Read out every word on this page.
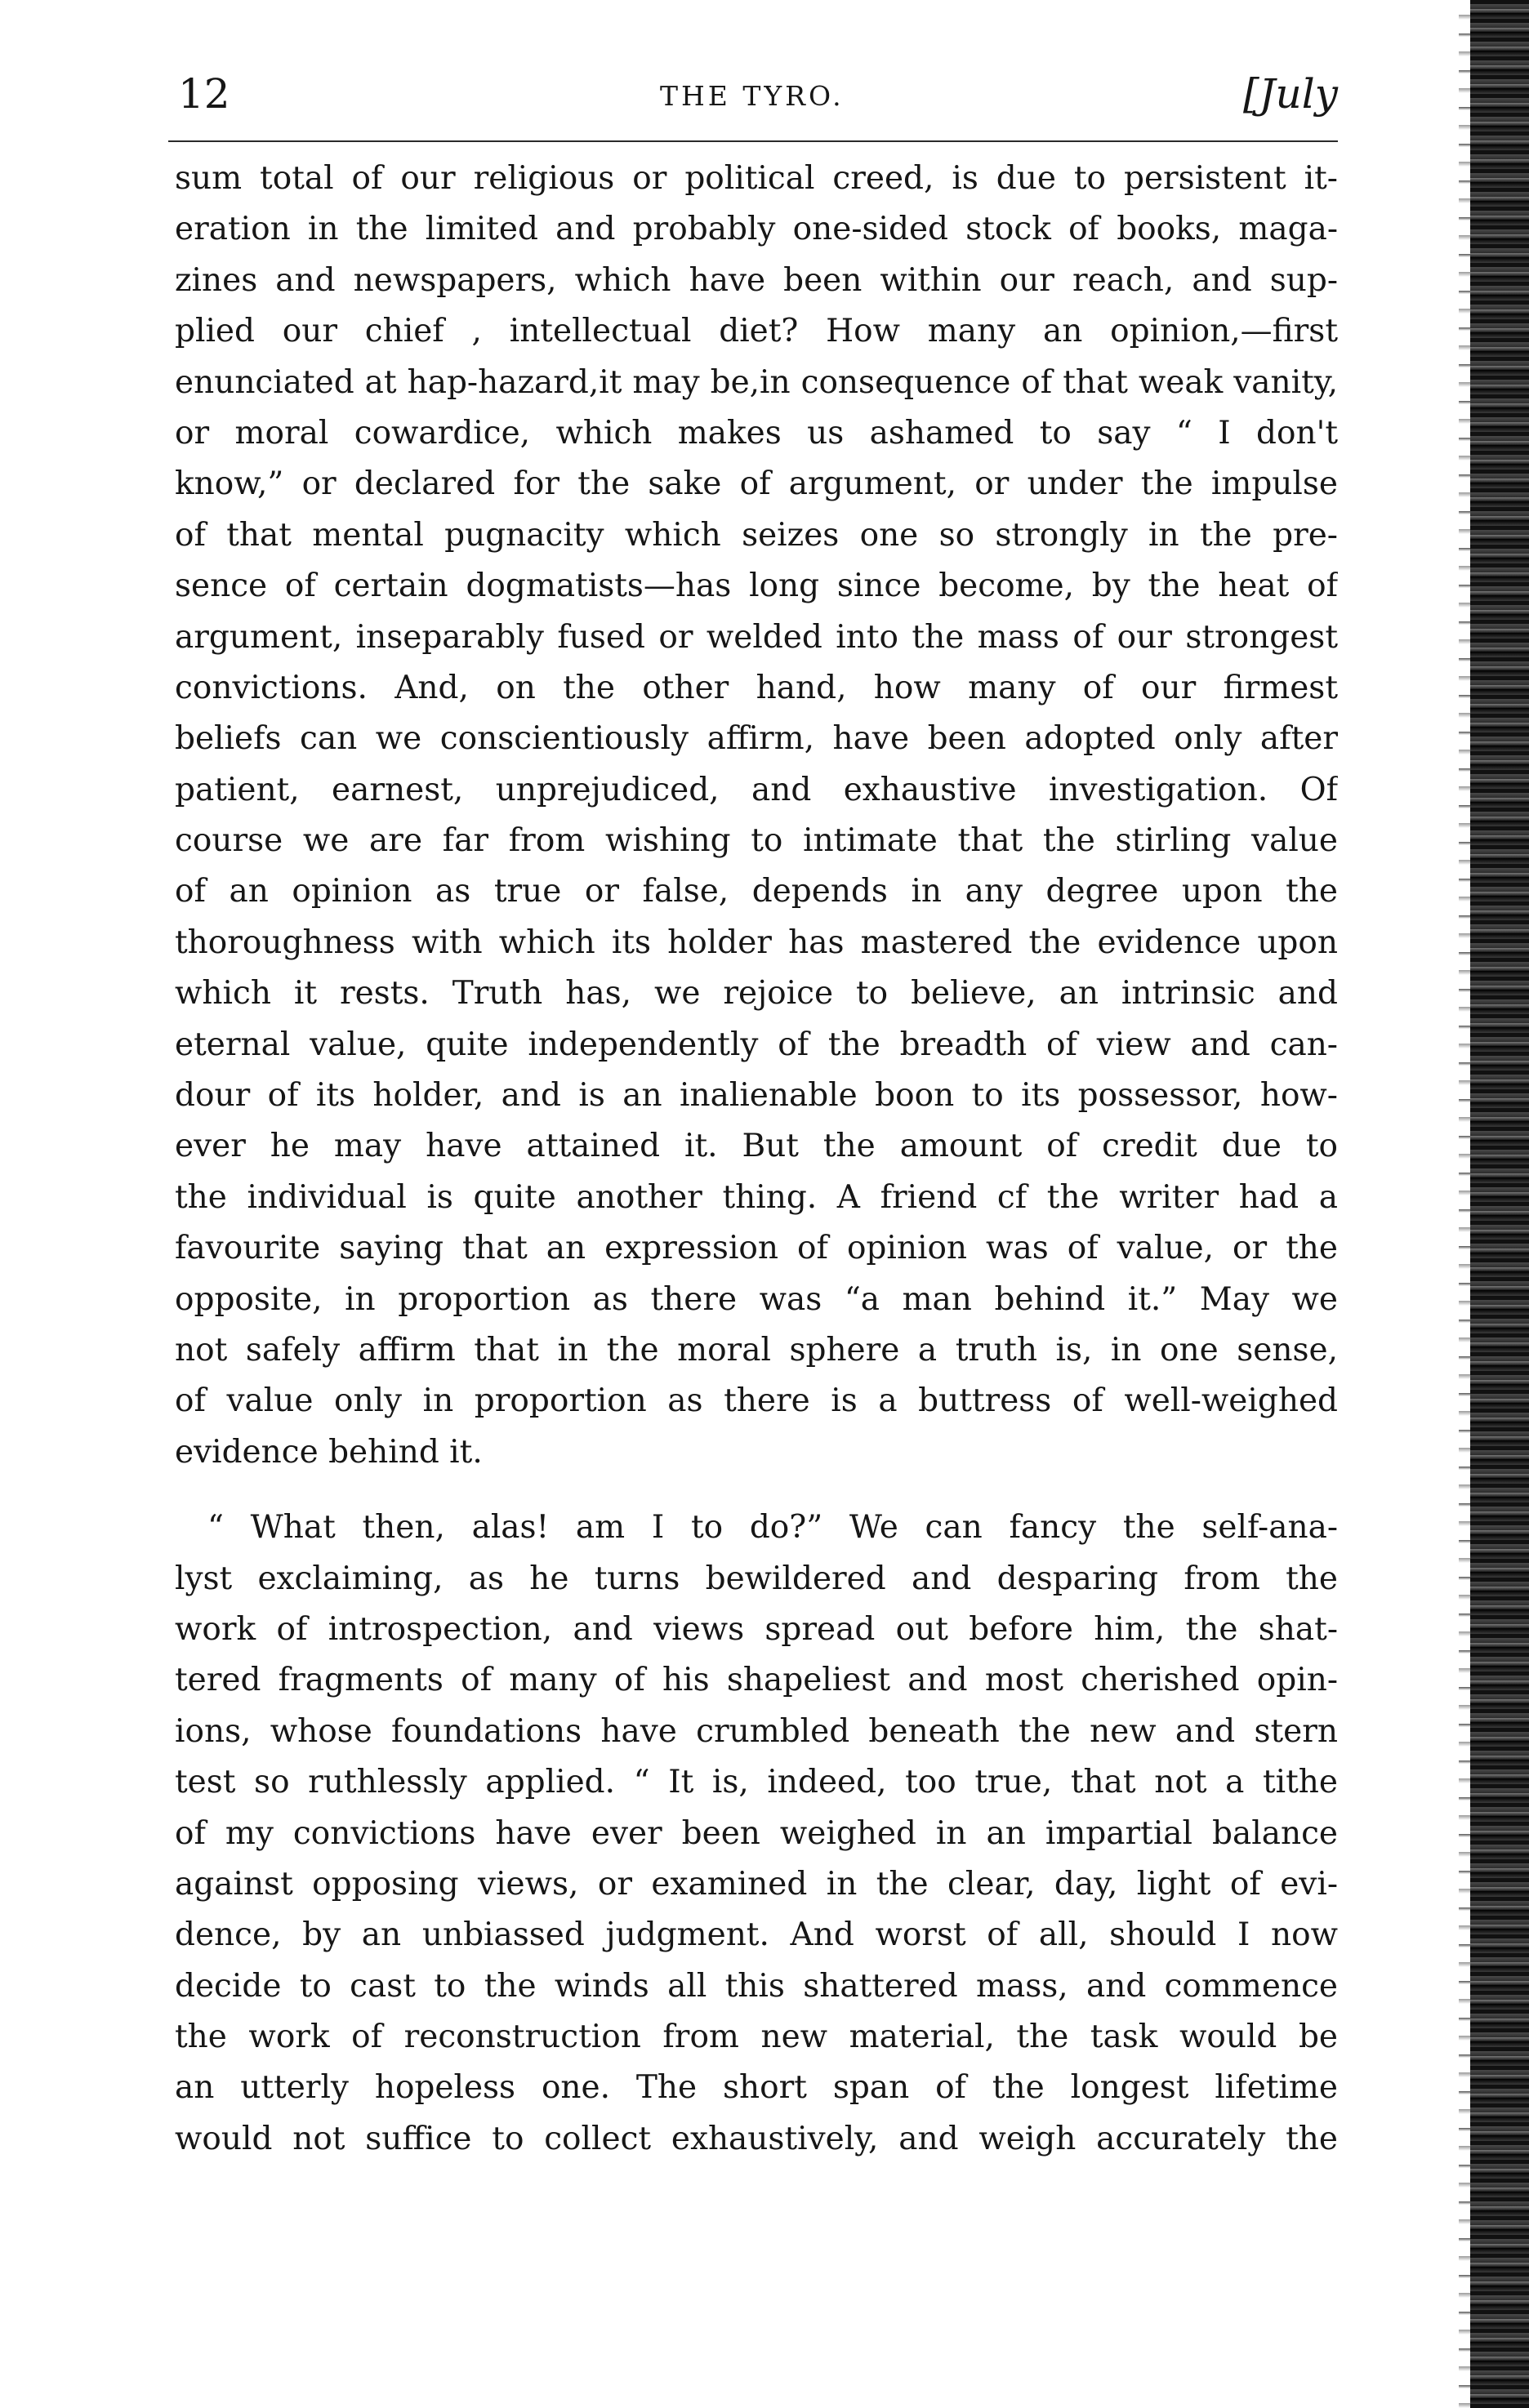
12	THE TYRO.	[July
sum total of our religious or political creed, is due to persistent it-
eration in the limited and probably one-sided stock of books, maga-
zines and newspapers, which have been within our reach, and sup-
plied our chief , intellectual diet? How many an opinion,—first
enunciated at hap-hazard,it may be,in consequence of that weak vanity,
or moral cowardice, which makes us ashamed to say “ I don't
know,” or declared for the sake of argument, or under the impulse
of that mental pugnacity which seizes one so strongly in the pre-
sence of certain dogmatists—has long since become, by the heat of
argument, inseparably fused or welded into the mass of our strongest
convictions. And, on the other hand, how many of our firmest
beliefs can we conscientiously affirm, have been adopted only after
patient, earnest, unprejudiced, and exhaustive investigation. Of
course we are far from wishing to intimate that the stirling value
of an opinion as true or false, depends in any degree upon the
thoroughness with which its holder has mastered the evidence upon
which it rests. Truth has, we rejoice to believe, an intrinsic and
eternal value, quite independently of the breadth of view and can-
dour of its holder, and is an inalienable boon to its possessor, how-
ever he may have attained it. But the amount of credit due to
the individual is quite another thing. A friend cf the writer had a
favourite saying that an expression of opinion was of value, or the
opposite, in proportion as there was “a man behind it.” May we
not safely affirm that in the moral sphere a truth is, in one sense,
of value only in proportion as there is a buttress of well-weighed
evidence behind it.
“ What then, alas! am I to do?” We can fancy the self-ana-
lyst exclaiming, as he turns bewildered and desparing from the
work of introspection, and views spread out before him, the shat-
tered fragments of many of his shapeliest and most cherished opin-
ions, whose foundations have crumbled beneath the new and stern
test so ruthlessly applied. “ It is, indeed, too true, that not a tithe
of my convictions have ever been weighed in an impartial balance
against opposing views, or examined in the clear, day, light of evi-
dence, by an unbiassed judgment. And worst of all, should I now
decide to cast to the winds all this shattered mass, and commence
the work of reconstruction from new material, the task would be
an utterly hopeless one. The short span of the longest lifetime
would not suffice to collect exhaustively, and weigh accurately the
